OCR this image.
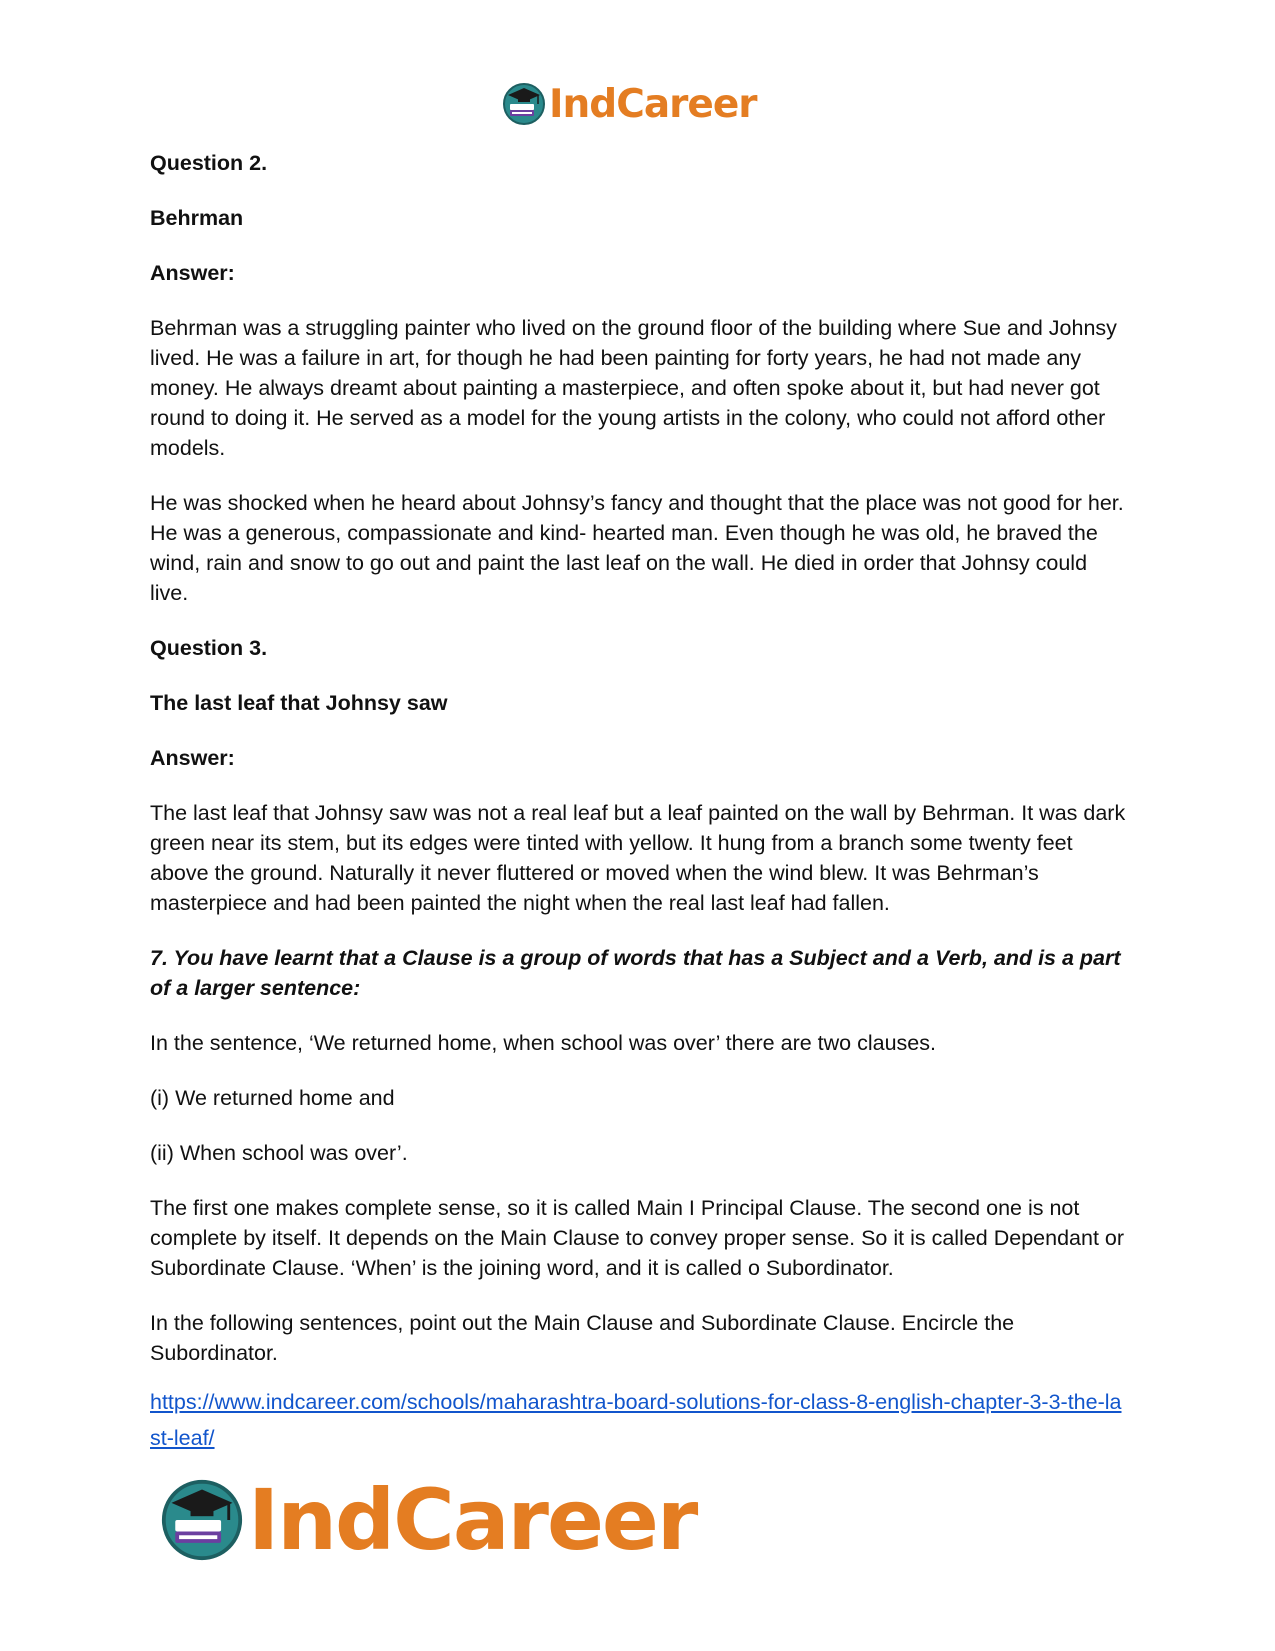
IndCareer

Question 2.

Behrman

Answer:

Behrman was a struggling painter who lived on the ground floor of the building where Sue and Johnsy lived. He was a failure in art, for though he had been painting for forty years, he had not made any money. He always dreamt about painting a masterpiece, and often spoke about it, but had never got round to doing it. He served as a model for the young artists in the colony, who could not afford other models.

He was shocked when he heard about Johnsy’s fancy and thought that the place was not good for her. He was a generous, compassionate and kind- hearted man. Even though he was old, he braved the wind, rain and snow to go out and paint the last leaf on the wall. He died in order that Johnsy could live.

Question 3.

The last leaf that Johnsy saw

Answer:

The last leaf that Johnsy saw was not a real leaf but a leaf painted on the wall by Behrman. It was dark green near its stem, but its edges were tinted with yellow. It hung from a branch some twenty feet above the ground. Naturally it never fluttered or moved when the wind blew. It was Behrman’s masterpiece and had been painted the night when the real last leaf had fallen.

7. You have learnt that a Clause is a group of words that has a Subject and a Verb, and is a part of a larger sentence:

In the sentence, ‘We returned home, when school was over’ there are two clauses.

(i) We returned home and

(ii) When school was over’.

The first one makes complete sense, so it is called Main I Principal Clause. The second one is not complete by itself. It depends on the Main Clause to convey proper sense. So it is called Dependant or Subordinate Clause. ‘When’ is the joining word, and it is called o Subordinator.

In the following sentences, point out the Main Clause and Subordinate Clause. Encircle the Subordinator.

https://www.indcareer.com/schools/maharashtra-board-solutions-for-class-8-english-chapter-3-3-the-last-leaf/
IndCareer
